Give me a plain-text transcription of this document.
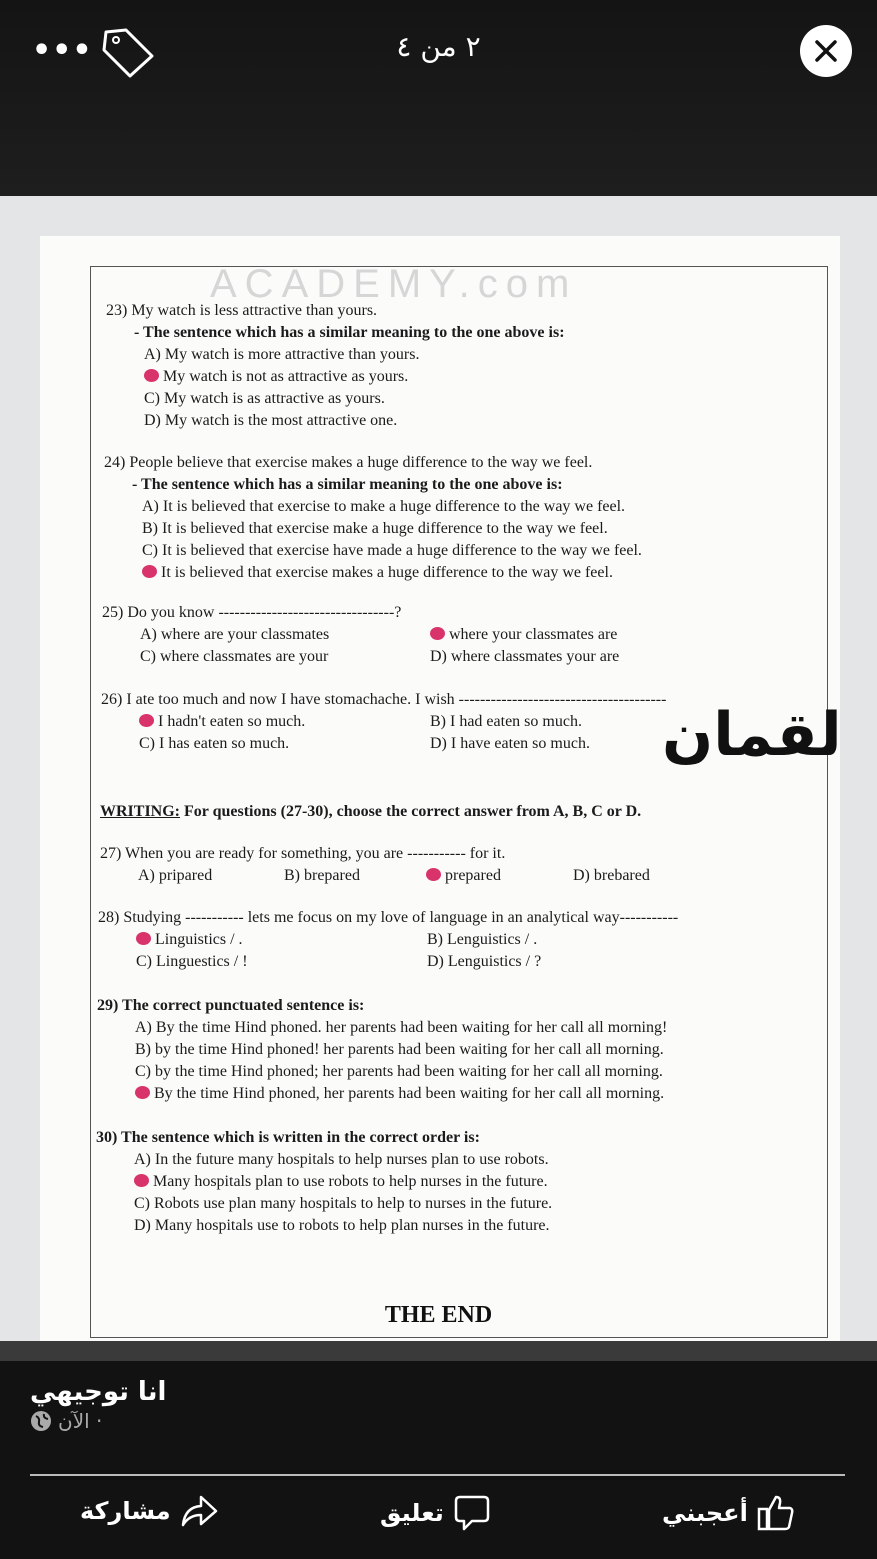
•••	٢ من ٤
ACADEMY.com
WRITING: For questions (27-30), choose the correct answer from A, B, C or D.
لقمان
THE END
23) My watch is less attractive than yours.
- The sentence which has a similar meaning to the one above is:
A) My watch is more attractive than yours.
My watch is not as attractive as yours.
C) My watch is as attractive as yours.
D) My watch is the most attractive one.
24) People believe that exercise makes a huge difference to the way we feel.
- The sentence which has a similar meaning to the one above is:
A) It is believed that exercise to make a huge difference to the way we feel.
B) It is believed that exercise make a huge difference to the way we feel.
C) It is believed that exercise have made a huge difference to the way we feel.
It is believed that exercise makes a huge difference to the way we feel.
25) Do you know ---------------------------------?
A) where are your classmates	where your classmates are
C) where classmates are your	D) where classmates your are
26) I ate too much and now I have stomachache. I wish ---------------------------------------
I hadn't eaten so much.	B) I had eaten so much.
C) I has eaten so much.	D) I have eaten so much.
27) When you are ready for something, you are ----------- for it.
A) pripared	B) brepared	prepared	D) brebared
28) Studying ----------- lets me focus on my love of language in an analytical way-----------
Linguistics / .	B) Lenguistics / .
C) Linguestics / !	D) Lenguistics / ?
29) The correct punctuated sentence is:
A) By the time Hind phoned. her parents had been waiting for her call all morning!
B) by the time Hind phoned! her parents had been waiting for her call all morning.
C) by the time Hind phoned; her parents had been waiting for her call all morning.
By the time Hind phoned, her parents had been waiting for her call all morning.
30) The sentence which is written in the correct order is:
A) In the future many hospitals to help nurses plan to use robots.
Many hospitals plan to use robots to help nurses in the future.
C) Robots use plan many hospitals to help to nurses in the future.
D) Many hospitals use to robots to help plan nurses in the future.
انا توجيهي
الآن ·
مشاركة	تعليق	أعجبني
